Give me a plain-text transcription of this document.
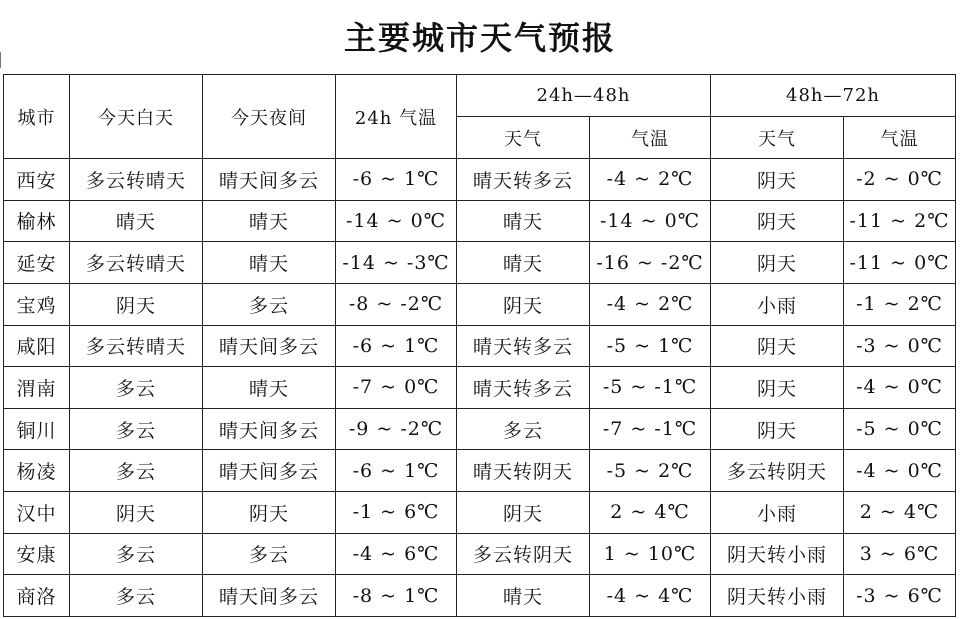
主要城市天气预报
城市	今天白天	今天夜间	24h 气温	24h—48h		48h—72h	
				天气	气温	天气	气温
西安	多云转晴天	晴天间多云	-6 ~ 1℃	晴天转多云	-4 ~ 2℃	阴天	-2 ~ 0℃
榆林	晴天	晴天	-14 ~ 0℃	晴天	-14 ~ 0℃	阴天	-11 ~ 2℃
延安	多云转晴天	晴天	-14 ~ -3℃	晴天	-16 ~ -2℃	阴天	-11 ~ 0℃
宝鸡	阴天	多云	-8 ~ -2℃	阴天	-4 ~ 2℃	小雨	-1 ~ 2℃
咸阳	多云转晴天	晴天间多云	-6 ~ 1℃	晴天转多云	-5 ~ 1℃	阴天	-3 ~ 0℃
渭南	多云	晴天	-7 ~ 0℃	晴天转多云	-5 ~ -1℃	阴天	-4 ~ 0℃
铜川	多云	晴天间多云	-9 ~ -2℃	多云	-7 ~ -1℃	阴天	-5 ~ 0℃
杨凌	多云	晴天间多云	-6 ~ 1℃	晴天转阴天	-5 ~ 2℃	多云转阴天	-4 ~ 0℃
汉中	阴天	阴天	-1 ~ 6℃	阴天	2 ~ 4℃	小雨	2 ~ 4℃
安康	多云	多云	-4 ~ 6℃	多云转阴天	1 ~ 10℃	阴天转小雨	3 ~ 6℃
商洛	多云	晴天间多云	-8 ~ 1℃	晴天	-4 ~ 4℃	阴天转小雨	-3 ~ 6℃
